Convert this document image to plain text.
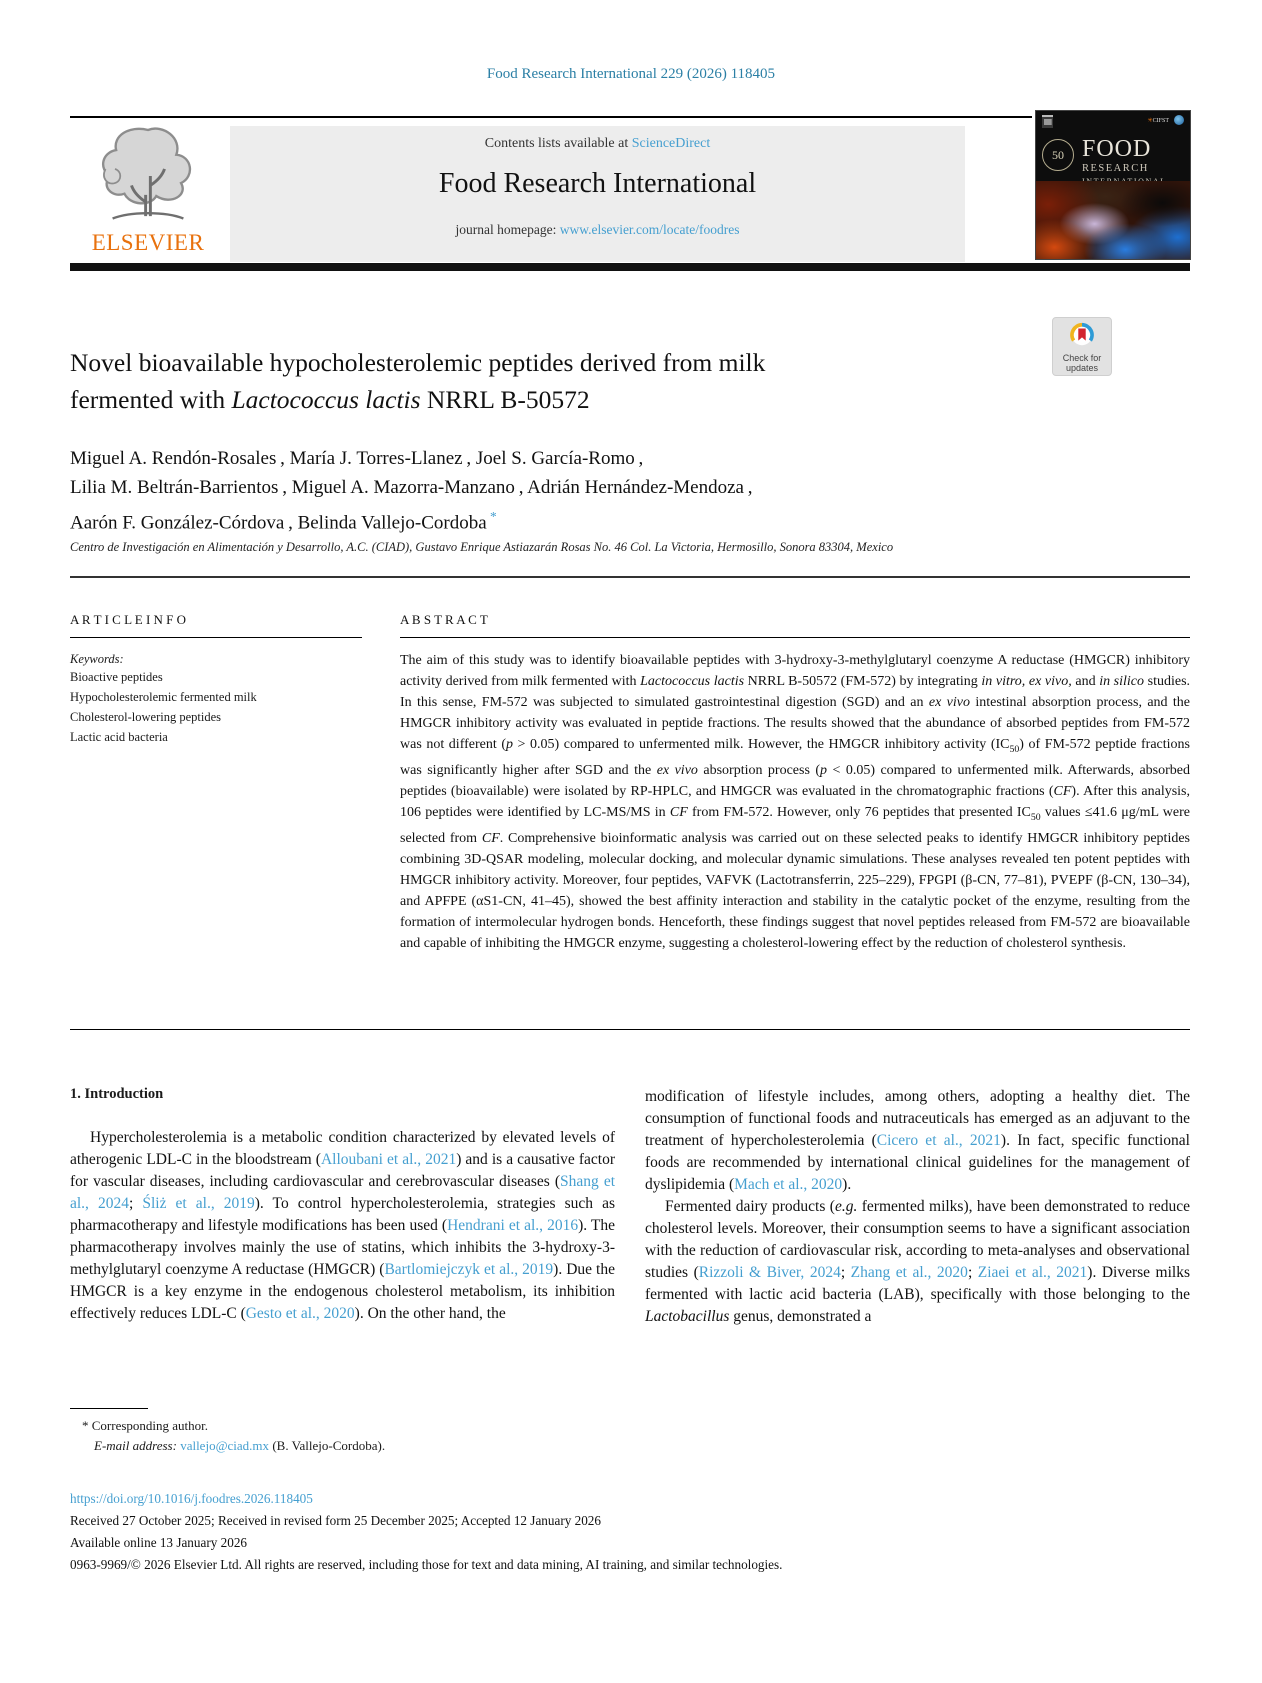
Food Research International 229 (2026) 118405
ELSEVIER
Contents lists available at ScienceDirect
Food Research International
journal homepage: www.elsevier.com/locate/foodres
✳CIFST
50 FOOD
RESEARCH
Check for
updates
Novel bioavailable hypocholesterolemic peptides derived from milk fermented with Lactococcus lactis NRRL B-50572
Miguel A. Rendón-Rosales , María J. Torres-Llanez , Joel S. García-Romo ,
Lilia M. Beltrán-Barrientos , Miguel A. Mazorra-Manzano , Adrián Hernández-Mendoza ,
Aarón F. González-Córdova , Belinda Vallejo-Cordoba *
Centro de Investigación en Alimentación y Desarrollo, A.C. (CIAD), Gustavo Enrique Astiazarán Rosas No. 46 Col. La Victoria, Hermosillo, Sonora 83304, Mexico
A R T I C L E I N F O
Keywords:
Bioactive peptides
Hypocholesterolemic fermented milk
Cholesterol-lowering peptides
Lactic acid bacteria
A B S T R A C T
The aim of this study was to identify bioavailable peptides with 3-hydroxy-3-methylglutaryl coenzyme A reductase (HMGCR) inhibitory activity derived from milk fermented with Lactococcus lactis NRRL B-50572 (FM-572) by integrating in vitro, ex vivo, and in silico studies. In this sense, FM-572 was subjected to simulated gastrointestinal digestion (SGD) and an ex vivo intestinal absorption process, and the HMGCR inhibitory activity was evaluated in peptide fractions. The results showed that the abundance of absorbed peptides from FM-572 was not different (p > 0.05) compared to unfermented milk. However, the HMGCR inhibitory activity $(IC_{50})$ of FM-572 peptide fractions was significantly higher after SGD and the ex vivo absorption process (p < 0.05) compared to unfermented milk. Afterwards, absorbed peptides (bioavailable) were isolated by RP-HPLC, and HMGCR was evaluated in the chromatographic fractions (CF). After this analysis, 106 peptides were identified by LC-MS/MS in CF from FM-572. However, only 76 peptides that presented $IC_{50}$ values ≤41.6 μg/mL were selected from CF. Comprehensive bioinformatic analysis was carried out on these selected peaks to identify HMGCR inhibitory peptides combining 3D-QSAR modeling, molecular docking, and molecular dynamic simulations. These analyses revealed ten potent peptides with HMGCR inhibitory activity. Moreover, four peptides, VAFVK (Lactotransferrin, 225–229), FPGPI (β-CN, 77–81), PVEPF (β-CN, 130–34), and APFPE (αS1-CN, 41–45), showed the best affinity interaction and stability in the catalytic pocket of the enzyme, resulting from the formation of intermolecular hydrogen bonds. Henceforth, these findings suggest that novel peptides released from FM-572 are bioavailable and capable of inhibiting the HMGCR enzyme, suggesting a cholesterol-lowering effect by the reduction of cholesterol synthesis.
1. Introduction
Hypercholesterolemia is a metabolic condition characterized by elevated levels of atherogenic LDL-C in the bloodstream (Alloubani et al., 2021) and is a causative factor for vascular diseases, including cardiovascular and cerebrovascular diseases (Shang et al., 2024; Śliż et al., 2019). To control hypercholesterolemia, strategies such as pharmacotherapy and lifestyle modifications has been used (Hendrani et al., 2016). The pharmacotherapy involves mainly the use of statins, which inhibits the 3-hydroxy-3-methylglutaryl coenzyme A reductase (HMGCR) (Bartlomiejczyk et al., 2019). Due the HMGCR is a key enzyme in the endogenous cholesterol metabolism, its inhibition effectively reduces LDL-C (Gesto et al., 2020). On the other hand, the
modification of lifestyle includes, among others, adopting a healthy diet. The consumption of functional foods and nutraceuticals has emerged as an adjuvant to the treatment of hypercholesterolemia (Cicero et al., 2021). In fact, specific functional foods are recommended by international clinical guidelines for the management of dyslipidemia (Mach et al., 2020).
Fermented dairy products (e.g. fermented milks), have been demonstrated to reduce cholesterol levels. Moreover, their consumption seems to have a significant association with the reduction of cardiovascular risk, according to meta-analyses and observational studies (Rizzoli & Biver, 2024; Zhang et al., 2020; Ziaei et al., 2021). Diverse milks fermented with lactic acid bacteria (LAB), specifically with those belonging to the Lactobacillus genus, demonstrated a
* Corresponding author.
E-mail address: vallejo@ciad.mx (B. Vallejo-Cordoba).
https://doi.org/10.1016/j.foodres.2026.118405
Received 27 October 2025; Received in revised form 25 December 2025; Accepted 12 January 2026
Available online 13 January 2026
0963-9969/© 2026 Elsevier Ltd. All rights are reserved, including those for text and data mining, AI training, and similar technologies.
